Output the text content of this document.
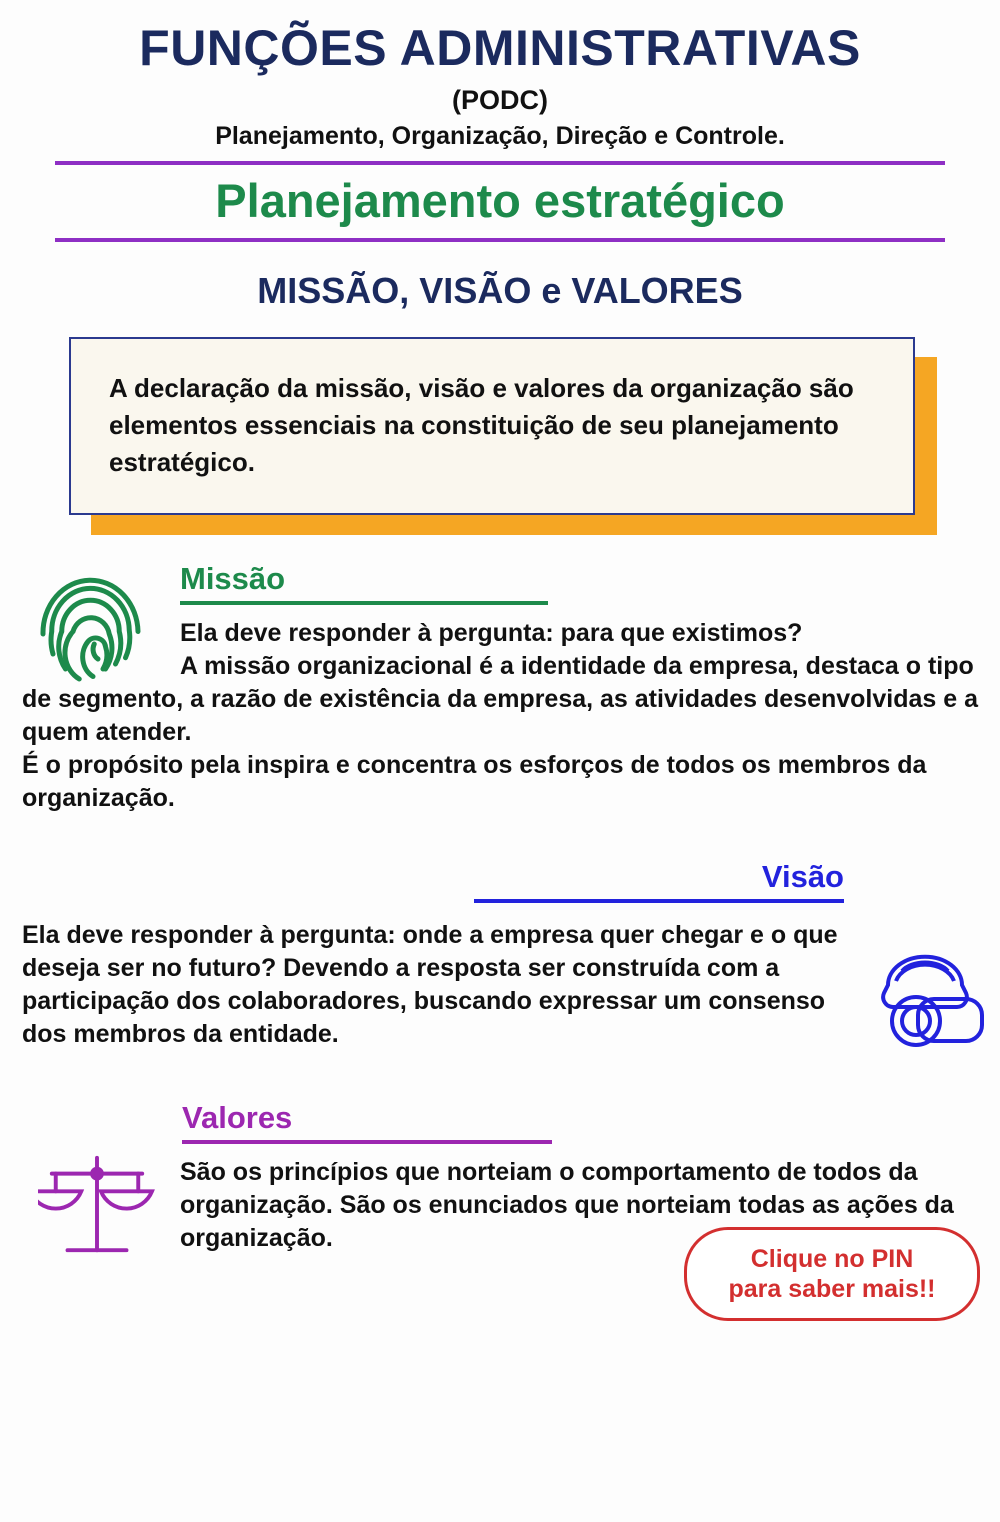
FUNÇÕES ADMINISTRATIVAS
(PODC)
Planejamento, Organização, Direção e Controle.
Planejamento estratégico
MISSÃO, VISÃO e VALORES
A declaração da missão, visão e valores da organização são elementos essenciais na constituição de seu planejamento estratégico.
Missão
Ela deve responder à pergunta: para que existimos?
A missão organizacional é a identidade da empresa, destaca o tipo de segmento, a razão de existência da empresa, as atividades desenvolvidas e a quem atender.
É o propósito pela inspira e concentra os esforços de todos os membros da organização.
Visão
Ela deve responder à pergunta: onde a empresa quer chegar e o que deseja ser no futuro? Devendo a resposta ser construída com a participação dos colaboradores, buscando expressar um consenso dos membros da entidade.
Clique no PIN
para saber mais!!
Valores
São os princípios que norteiam o comportamento de todos da organização. São os enunciados que norteiam todas as ações da organização.
